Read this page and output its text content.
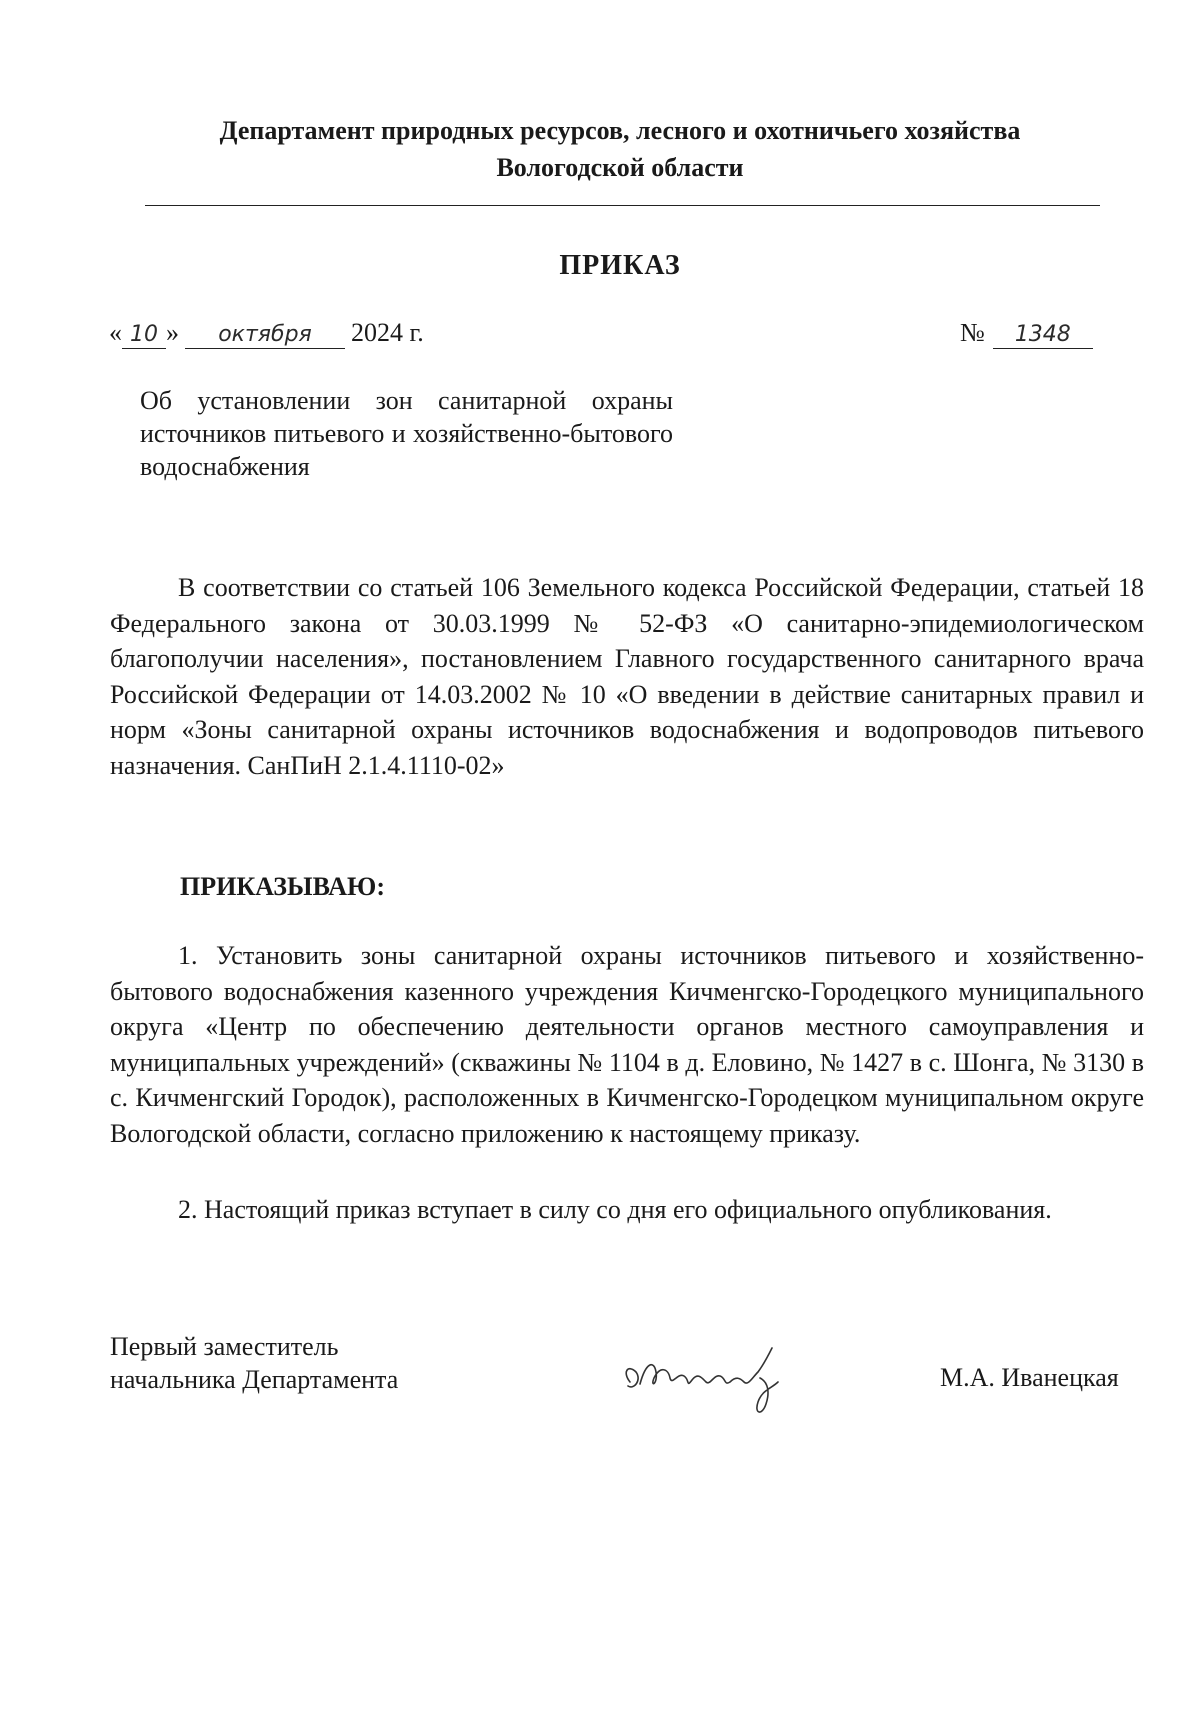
Департамент природных ресурсов, лесного и охотничьего хозяйства
Вологодской области
ПРИКАЗ
« 10 » октября 2024 г.	№ 1348
Об установлении зон санитарной охраны источников питьевого и хозяйственно-бытового водоснабжения
В соответствии со статьей 106 Земельного кодекса Российской Федерации, статьей 18 Федерального закона от 30.03.1999 № 52-ФЗ «О санитарно-эпидемиологическом благополучии населения», постановлением Главного государственного санитарного врача Российской Федерации от 14.03.2002 № 10 «О введении в действие санитарных правил и норм «Зоны санитарной охраны источников водоснабжения и водопроводов питьевого назначения. СанПиН 2.1.4.1110-02»
ПРИКАЗЫВАЮ:
1. Установить зоны санитарной охраны источников питьевого и хозяйственно-бытового водоснабжения казенного учреждения Кичменгско-Городецкого муниципального округа «Центр по обеспечению деятельности органов местного самоуправления и муниципальных учреждений» (скважины № 1104 в д. Еловино, № 1427 в с. Шонга, № 3130 в с. Кичменгский Городок), расположенных в Кичменгско-Городецком муниципальном округе Вологодской области, согласно приложению к настоящему приказу.
2. Настоящий приказ вступает в силу со дня его официального опубликования.
Первый заместитель
начальника Департамента	М.А. Иванецкая
